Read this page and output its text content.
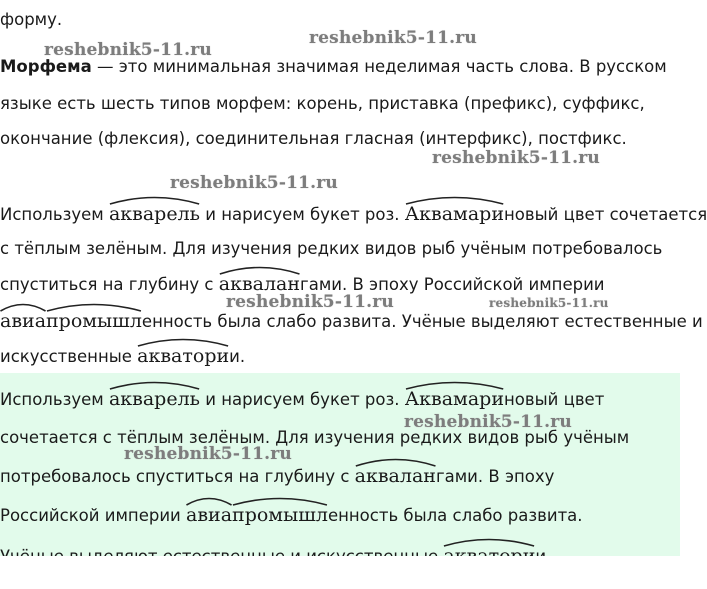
reshebnik5-11.ru
reshebnik5-11.ru
reshebnik5-11.ru
reshebnik5-11.ru
reshebnik5-11.ru	reshebnik5-11.ru
форму.
Морфема — это минимальная значимая неделимая часть слова. В русском
языке есть шесть типов морфем: корень, приставка (префикс), суффикс,
окончание (флексия), соединительная гласная (интерфикс), постфикс.
Используем
акварель и нарисуем букет роз.
Аквамариновый цвет сочетается
с тёплым зелёным. Для изучения редких видов рыб учёным потребовалось
спуститься на глубину с
аквалангами. В эпоху Российской империи
авиа
промышленность была слабо развита. Учёные выделяют естественные и
искусственные
акватории.
Используем
акварель и нарисуем букет роз.
Аквамариновый цвет
сочетается с тёплым зелёным. Для изучения редких видов рыб учёным
потребовалось спуститься на глубину с
аквалангами. В эпоху
Российской империи
авиа
промышленность была слабо развита.
reshebnik5-11.ru
reshebnik5-11.ru
